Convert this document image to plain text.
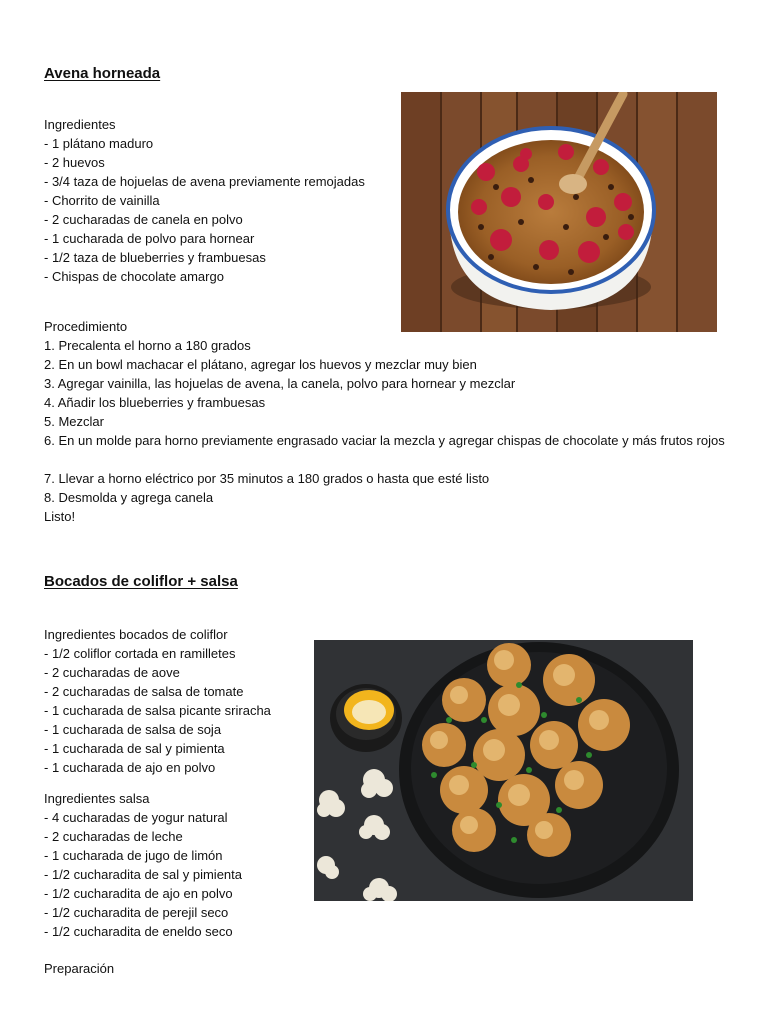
Avena horneada
Ingredientes
- 1 plátano maduro
- 2 huevos
- 3/4 taza de hojuelas de avena previamente remojadas
- Chorrito de vainilla
- 2 cucharadas de canela en polvo
- 1 cucharada de polvo para hornear
- 1/2 taza de blueberries y frambuesas
- Chispas de chocolate amargo
Procedimiento
1. Precalenta el horno a 180 grados
2. En un bowl machacar el plátano, agregar los huevos y mezclar muy bien
3. Agregar vainilla, las hojuelas de avena, la canela, polvo para hornear y mezclar
4. Añadir los blueberries y frambuesas
5. Mezclar
6. En un molde para horno previamente engrasado vaciar la mezcla y agregar chispas de chocolate y más frutos rojos
7. Llevar a horno eléctrico por 35 minutos a 180 grados o hasta que esté listo
8. Desmolda y agrega canela
Listo!
Bocados de coliflor + salsa
Ingredientes bocados de coliflor
- 1/2 coliflor cortada en ramilletes
- 2 cucharadas de aove
- 2 cucharadas de salsa de tomate
- 1 cucharada de salsa picante sriracha
- 1 cucharada de salsa de soja
- 1 cucharada de sal y pimienta
- 1 cucharada de ajo en polvo
Ingredientes salsa
- 4 cucharadas de yogur natural
- 2 cucharadas de leche
- 1 cucharada de jugo de limón
- 1/2 cucharadita de sal y pimienta
- 1/2 cucharadita de ajo en polvo
- 1/2 cucharadita de perejil seco
- 1/2 cucharadita de eneldo seco
Preparación
